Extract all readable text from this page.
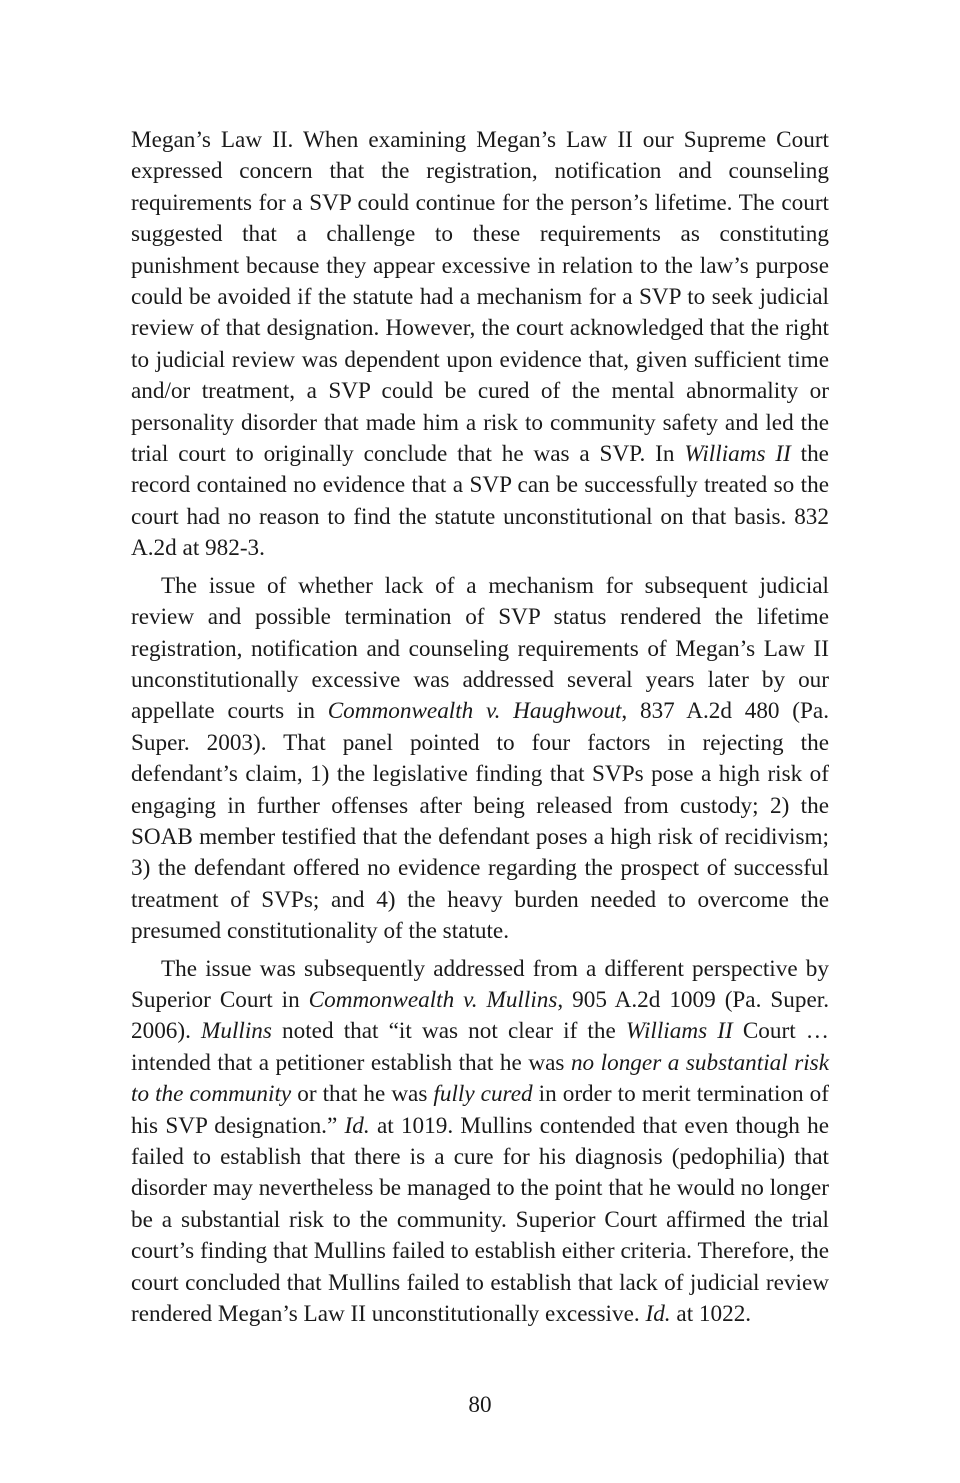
Megan’s Law II. When examining Megan’s Law II our Supreme Court expressed concern that the registration, notification and counseling requirements for a SVP could continue for the person’s lifetime. The court suggested that a challenge to these requirements as constituting punishment because they appear excessive in relation to the law’s purpose could be avoided if the statute had a mechanism for a SVP to seek judicial review of that designation. However, the court acknowledged that the right to judicial review was dependent upon evidence that, given sufficient time and/or treatment, a SVP could be cured of the mental abnormality or personality disorder that made him a risk to community safety and led the trial court to originally conclude that he was a SVP. In Williams II the record contained no evidence that a SVP can be successfully treated so the court had no reason to find the statute unconstitutional on that basis. 832 A.2d at 982-3.

The issue of whether lack of a mechanism for subsequent judicial review and possible termination of SVP status rendered the lifetime registration, notification and counseling requirements of Megan’s Law II unconstitutionally excessive was addressed several years later by our appellate courts in Commonwealth v. Haughwout, 837 A.2d 480 (Pa. Super. 2003). That panel pointed to four factors in rejecting the defendant’s claim, 1) the legislative finding that SVPs pose a high risk of engaging in further offenses after being released from custody; 2) the SOAB member testified that the defendant poses a high risk of recidivism; 3) the defendant offered no evidence regarding the prospect of successful treatment of SVPs; and 4) the heavy burden needed to overcome the presumed constitutionality of the statute.

The issue was subsequently addressed from a different perspective by Superior Court in Commonwealth v. Mullins, 905 A.2d 1009 (Pa. Super. 2006). Mullins noted that “it was not clear if the Williams II Court … intended that a petitioner establish that he was no longer a substantial risk to the community or that he was fully cured in order to merit termination of his SVP designation.” Id. at 1019. Mullins contended that even though he failed to establish that there is a cure for his diagnosis (pedophilia) that disorder may nevertheless be managed to the point that he would no longer be a substantial risk to the community. Superior Court affirmed the trial court’s finding that Mullins failed to establish either criteria. Therefore, the court concluded that Mullins failed to establish that lack of judicial review rendered Megan’s Law II unconstitutionally excessive. Id. at 1022.

80
